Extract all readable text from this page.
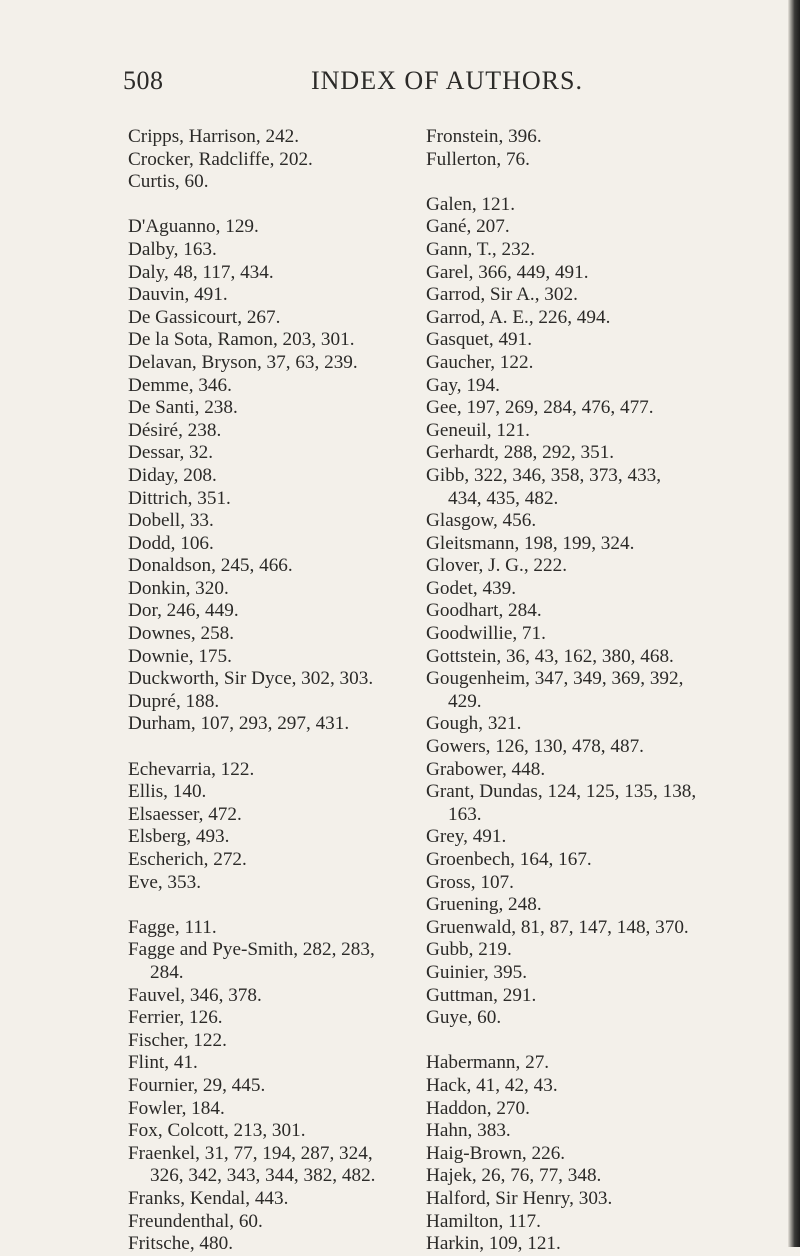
508	INDEX OF AUTHORS.
Cripps, Harrison, 242.
Crocker, Radcliffe, 202.
Curtis, 60.
D'Aguanno, 129.
Dalby, 163.
Daly, 48, 117, 434.
Dauvin, 491.
De Gassicourt, 267.
De la Sota, Ramon, 203, 301.
Delavan, Bryson, 37, 63, 239.
Demme, 346.
De Santi, 238.
Désiré, 238.
Dessar, 32.
Diday, 208.
Dittrich, 351.
Dobell, 33.
Dodd, 106.
Donaldson, 245, 466.
Donkin, 320.
Dor, 246, 449.
Downes, 258.
Downie, 175.
Duckworth, Sir Dyce, 302, 303.
Dupré, 188.
Durham, 107, 293, 297, 431.
Echevarria, 122.
Ellis, 140.
Elsaesser, 472.
Elsberg, 493.
Escherich, 272.
Eve, 353.
Fagge, 111.
Fagge and Pye-Smith, 282, 283,
284.
Fauvel, 346, 378.
Ferrier, 126.
Fischer, 122.
Flint, 41.
Fournier, 29, 445.
Fowler, 184.
Fox, Colcott, 213, 301.
Fraenkel, 31, 77, 194, 287, 324,
326, 342, 343, 344, 382, 482.
Franks, Kendal, 443.
Freundenthal, 60.
Fritsche, 480.
Fronstein, 396.
Fullerton, 76.
Galen, 121.
Gané, 207.
Gann, T., 232.
Garel, 366, 449, 491.
Garrod, Sir A., 302.
Garrod, A. E., 226, 494.
Gasquet, 491.
Gaucher, 122.
Gay, 194.
Gee, 197, 269, 284, 476, 477.
Geneuil, 121.
Gerhardt, 288, 292, 351.
Gibb, 322, 346, 358, 373, 433,
434, 435, 482.
Glasgow, 456.
Gleitsmann, 198, 199, 324.
Glover, J. G., 222.
Godet, 439.
Goodhart, 284.
Goodwillie, 71.
Gottstein, 36, 43, 162, 380, 468.
Gougenheim, 347, 349, 369, 392,
429.
Gough, 321.
Gowers, 126, 130, 478, 487.
Grabower, 448.
Grant, Dundas, 124, 125, 135, 138,
163.
Grey, 491.
Groenbech, 164, 167.
Gross, 107.
Gruening, 248.
Gruenwald, 81, 87, 147, 148, 370.
Gubb, 219.
Guinier, 395.
Guttman, 291.
Guye, 60.
Habermann, 27.
Hack, 41, 42, 43.
Haddon, 270.
Hahn, 383.
Haig-Brown, 226.
Hajek, 26, 76, 77, 348.
Halford, Sir Henry, 303.
Hamilton, 117.
Harkin, 109, 121.
